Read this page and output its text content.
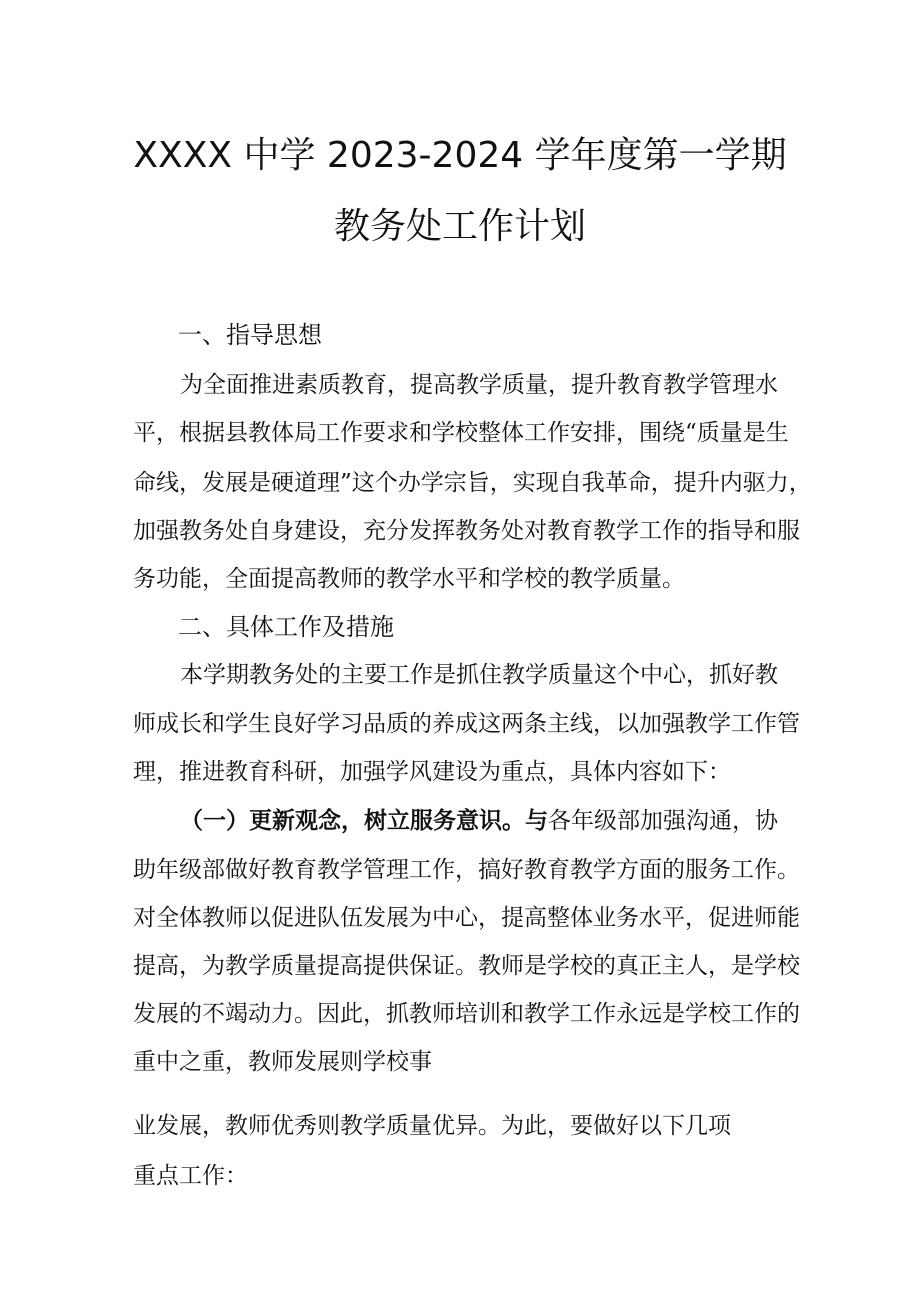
XXXX 中学 2023-2024 学年度第一学期
教务处工作计划
一、指导思想
为全面推进素质教育，提高教学质量，提升教育教学管理水
平，根据县教体局工作要求和学校整体工作安排，围绕“质量是生
命线，发展是硬道理”这个办学宗旨，实现自我革命，提升内驱力，
加强教务处自身建设，充分发挥教务处对教育教学工作的指导和服
务功能，全面提高教师的教学水平和学校的教学质量。
二、具体工作及措施
本学期教务处的主要工作是抓住教学质量这个中心，抓好教
师成长和学生良好学习品质的养成这两条主线，以加强教学工作管
理，推进教育科研，加强学风建设为重点，具体内容如下：
（一）更新观念，树立服务意识。与各年级部加强沟通，协
助年级部做好教育教学管理工作，搞好教育教学方面的服务工作。
对全体教师以促进队伍发展为中心，提高整体业务水平，促进师能
提高，为教学质量提高提供保证。教师是学校的真正主人，是学校
发展的不竭动力。因此，抓教师培训和教学工作永远是学校工作的
重中之重，教师发展则学校事
业发展，教师优秀则教学质量优异。为此，要做好以下几项
重点工作：
